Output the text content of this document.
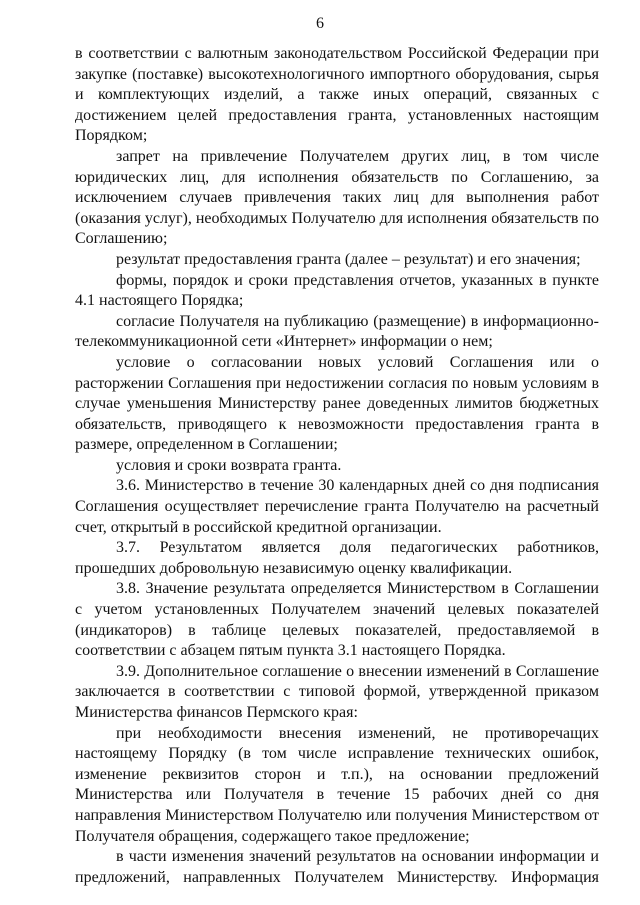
6

в соответствии с валютным законодательством Российской Федерации при закупке (поставке) высокотехнологичного импортного оборудования, сырья и комплектующих изделий, а также иных операций, связанных с достижением целей предоставления гранта, установленных настоящим Порядком;

запрет на привлечение Получателем других лиц, в том числе юридических лиц, для исполнения обязательств по Соглашению, за исключением случаев привлечения таких лиц для выполнения работ (оказания услуг), необходимых Получателю для исполнения обязательств по Соглашению;

результат предоставления гранта (далее – результат) и его значения;

формы, порядок и сроки представления отчетов, указанных в пункте 4.1 настоящего Порядка;

согласие Получателя на публикацию (размещение) в информационно-телекоммуникационной сети «Интернет» информации о нем;

условие о согласовании новых условий Соглашения или о расторжении Соглашения при недостижении согласия по новым условиям в случае уменьшения Министерству ранее доведенных лимитов бюджетных обязательств, приводящего к невозможности предоставления гранта в размере, определенном в Соглашении;

условия и сроки возврата гранта.

3.6. Министерство в течение 30 календарных дней со дня подписания Соглашения осуществляет перечисление гранта Получателю на расчетный счет, открытый в российской кредитной организации.

3.7. Результатом является доля педагогических работников, прошедших добровольную независимую оценку квалификации.

3.8. Значение результата определяется Министерством в Соглашении с учетом установленных Получателем значений целевых показателей (индикаторов) в таблице целевых показателей, предоставляемой в соответствии с абзацем пятым пункта 3.1 настоящего Порядка.

3.9. Дополнительное соглашение о внесении изменений в Соглашение заключается в соответствии с типовой формой, утвержденной приказом Министерства финансов Пермского края:

при необходимости внесения изменений, не противоречащих настоящему Порядку (в том числе исправление технических ошибок, изменение реквизитов сторон и т.п.), на основании предложений Министерства или Получателя в течение 15 рабочих дней со дня направления Министерством Получателю или получения Министерством от Получателя обращения, содержащего такое предложение;

в части изменения значений результатов на основании информации и предложений, направленных Получателем Министерству. Информация
